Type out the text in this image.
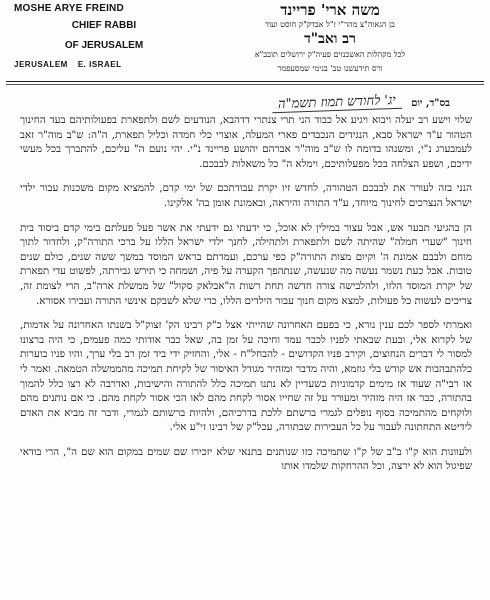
MOSHE ARYE FREIND
CHIEF RABBI
OF JERUSALEM
JERUSALEM E. ISRAEL
משה ארי' פריינד
בן הגאוה"צ מהר"י ז"ל אבדק"ק חוסט ועוד
רב ואב"ד
לכל מקהלות האשכנזים פעיה"ק ירושלים תובב"א
ורס תידעשנו טב' בנימי שמסעפמר
בס"ד, יום יג' לחודש תמוז תשמ"ה

שלוי וישע רב יעלה ויבוא ויגיע אל כבוד הני תרי צנתרי דדהבא, הנודעים לשם ולתפארת בפעולותיהם בעד החינוך הטהור ע"ד ישראל סבא, הנגידים הנכבדים פארי המעלה, אוצרי כלי חמדה וכליל תפארת, ה"ה: ש"ב מוה"ר זאב לעמבערג נ"י, ומשנהו בדומה לו ש"ב מוה"ר אברהם יהושע פריינד נ"י. יהי נועם ה" עליכם, להתברך בכל מעשי ידיכם, ושפע הצלחה בכל מפעלותיכם, וימלא ה" כל משאלות לבבכם.

הנני בזה לעורר את לבבכם הטהורה, לחדש זיו יקרת עבודתכם של ימי קדם, להמציא מקום משכנות עבור ילדי ישראל הנצרכים לחינוך מיוחד, ע"ד התורה והיראה, ובאמונת אומן בה' אלקינו.

הן בהגיעי תבער אש, אבל עצור במילין לא אוכל, כי ידעתי גם ידעתי את אשר פעל פעלתם בימי קדם ביסוד בית חינוך "שערי חמלה" שהיתה לשם ולתפארת ולתהילה, לחנך ילדי ישראל הללו על ברכי התורה"ק, ולחדור לתוך מוחם ולבבם אמונת ה' וקיום מצות התורה"ק כפי ערכם, ועמדתם בראש המוסד במשך ששה שנים, כולם שנים טובות. אבל כעת נשמר נעשה מה שנעשה, שנתהפך הקערה על פיה, ושמחה כי תירש גבירתה, לפשוט עדי תפארת של יקרת המוסד הלזו, ולהלבישה צורה חדשה תחת רשות ה"אבלאק סקול" של ממשלת ארה"ב, הרי לצומת זה, צריכים לעשות כל פעולות, למצא מקום חנוך עבור הילדים הללו, כדי שלא לשבקם אינשי התורה ועבירו אסורא.

ואמרתי לספר לכם ענין נורא, כי בפעם האחרונה שהייתי אצל כ"ק רבינו הק' זצוק"ל בשנתו האחרונה על אדמות, של לקרוא אלי, ובעת שבאתי לפניו לכבר עמד וחיכה על זמן בה, שאל כבר אודותי כמה פעמים, כי היה ברצונו למסור לי דברים הנחוצים, וקירב פניו הקדושים - להבחל"ח - אלי, והחזיק ידי ביד זמן רב בלי ערך, והיו פניו בוערות כלהתבהבות אש קודש בלי גוזמא, והיה מדבר ומזהיר מגודל האיסור של לקיחת תמיכה מהממשלה הטמאה. ואמר לי אז רבי"ה שעוד אז מימים קדמוניות כשעדיין לא נתנו תמיכה כלל להתורה והישיבות, ואדרבה לא רצו כלל להמוך בהתורה, כבר אז היה מזהיר ומעורר על זה שחייו אסור לקחת מהם לאו הכי אסור לקחת מהם. כי אם נותנים מהם ולוקחים מהתמיכה בסוף נופלים לגמרי ברשתם ללכת בדרכיהם, ולהיות ברשותם לגמרי, ודבר זה מביא את האדם לידיטא התחתונה לעבור על כל העבירות שבתורה, עכל"ק של רבינו זי"ע אלי.

ולעוונות הוא ק"ו ב"ב של ק"ו שתמיכה כזו שנותנים בתנאי שלא יזכירו שם שמים במקום הוא שם ה", הרי בודאי שפיגול הוא לא ירצה, וכל ההרחקות שלמדו אותו
